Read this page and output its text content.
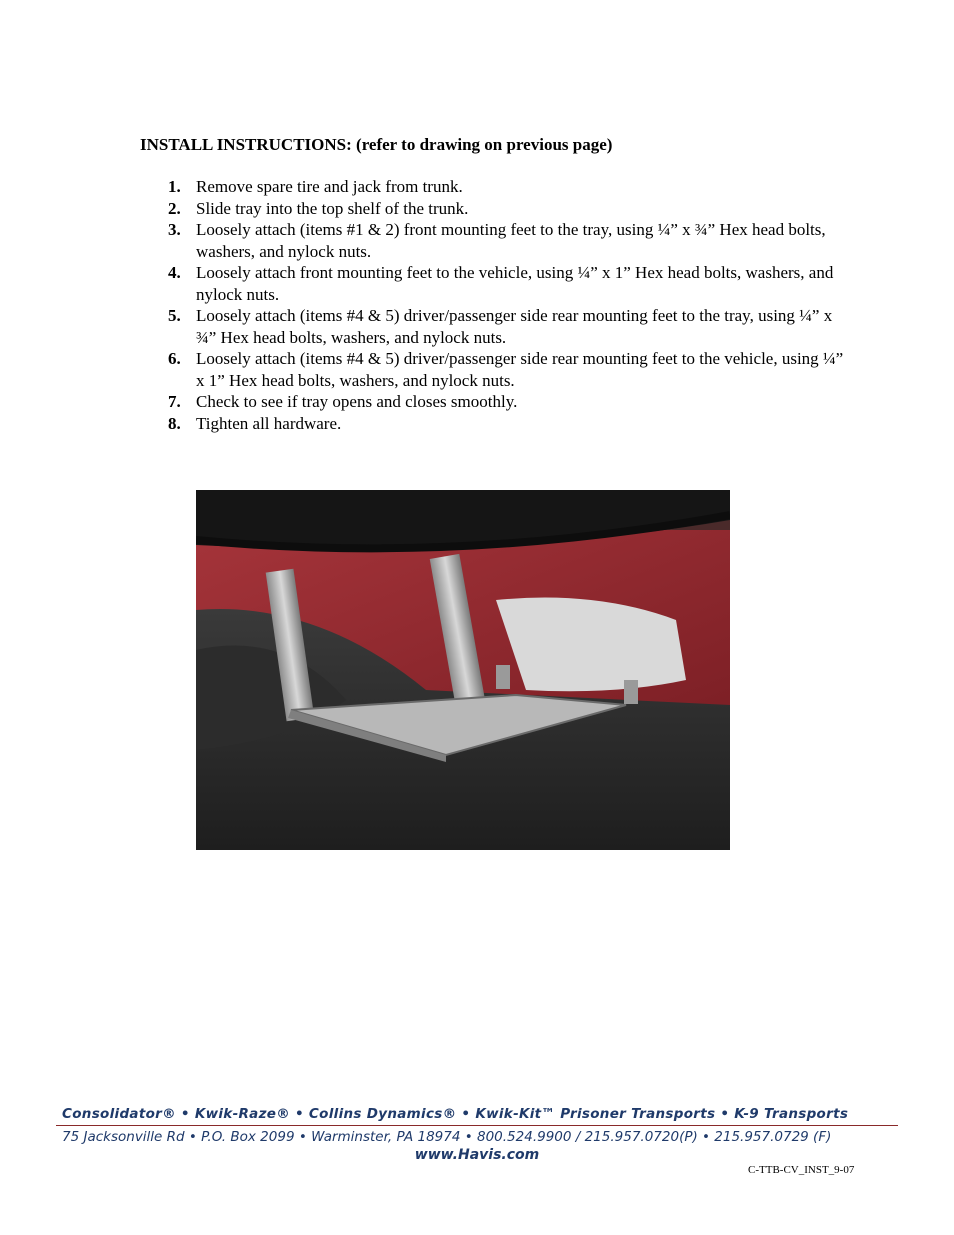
INSTALL INSTRUCTIONS: (refer to drawing on previous page)
1. Remove spare tire and jack from trunk.
2. Slide tray into the top shelf of the trunk.
3. Loosely attach (items #1 & 2) front mounting feet to the tray, using ¼” x ¾” Hex head bolts, washers, and nylock nuts.
4. Loosely attach front mounting feet to the vehicle, using ¼” x 1” Hex head bolts, washers, and nylock nuts.
5. Loosely attach (items #4 & 5) driver/passenger side rear mounting feet to the tray, using ¼” x ¾” Hex head bolts, washers, and nylock nuts.
6. Loosely attach (items #4 & 5) driver/passenger side rear mounting feet to the vehicle, using ¼” x 1” Hex head bolts, washers, and nylock nuts.
7. Check to see if tray opens and closes smoothly.
8. Tighten all hardware.
Consolidator® • Kwik-Raze® • Collins Dynamics® • Kwik-Kit™ Prisoner Transports • K-9 Transports
75 Jacksonville Rd • P.O. Box 2099 • Warminster, PA 18974 • 800.524.9900 / 215.957.0720(P) • 215.957.0729 (F)
www.Havis.com
C-TTB-CV_INST_9-07
